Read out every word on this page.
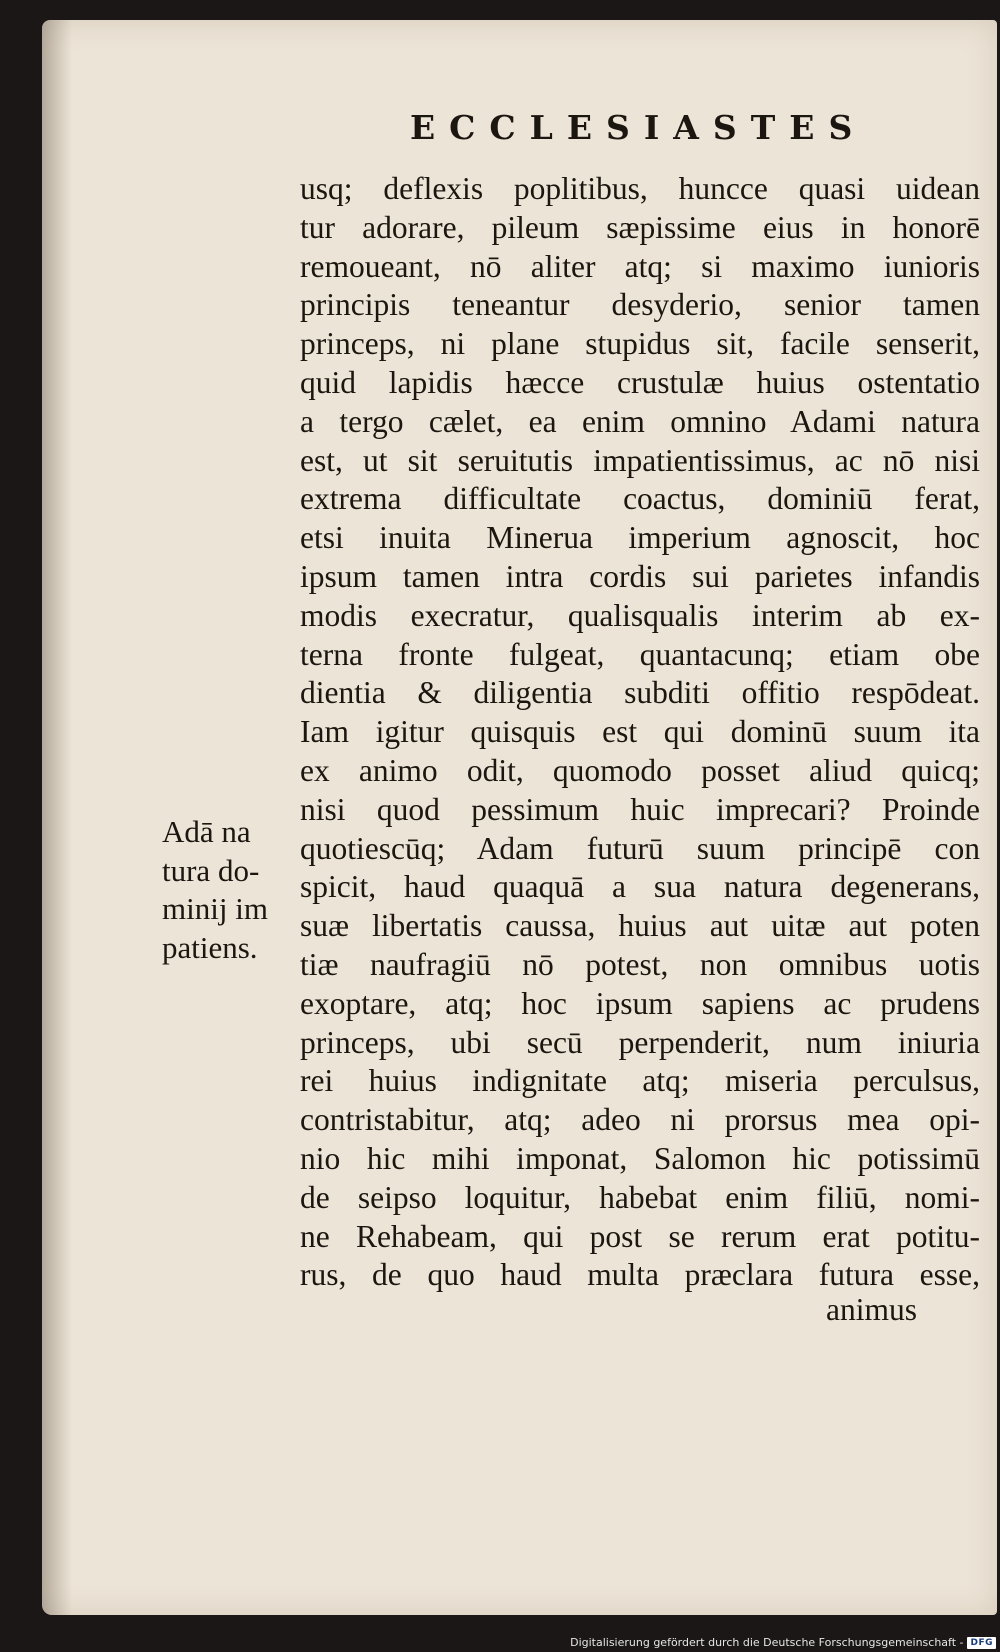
ECCLESIASTES
usq; deflexis poplitibus, huncce quasi uidean
tur adorare, pileum sæpissime eius in honorē
remoueant, nō aliter atq; si maximo iunioris
principis teneantur desyderio, senior tamen
princeps, ni plane stupidus sit, facile senserit,
quid lapidis hæcce crustulæ huius ostentatio
a tergo cælet, ea enim omnino Adami natura
est, ut sit seruitutis impatientissimus, ac nō nisi
extrema difficultate coactus, dominiū ferat,
etsi inuita Minerua imperium agnoscit, hoc
ipsum tamen intra cordis sui parietes infandis
modis execratur, qualisqualis interim ab ex-
terna fronte fulgeat, quantacunq; etiam obe
dientia & diligentia subditi offitio respōdeat.
Iam igitur quisquis est qui dominū suum ita
ex animo odit, quomodo posset aliud quicq;
nisi quod pessimum huic imprecari? Proinde
quotiescūq; Adam futurū suum principē con
spicit, haud quaquā a sua natura degenerans,
suæ libertatis caussa, huius aut uitæ aut poten
tiæ naufragiū nō potest, non omnibus uotis
exoptare, atq; hoc ipsum sapiens ac prudens
princeps, ubi secū perpenderit, num iniuria
rei huius indignitate atq; miseria perculsus,
contristabitur, atq; adeo ni prorsus mea opi-
nio hic mihi imponat, Salomon hic potissimū
de seipso loquitur, habebat enim filiū, nomi-
ne Rehabeam, qui post se rerum erat potitu-
rus, de quo haud multa præclara futura esse,

animus

Adā na
tura do-
minij im
patiens.
Digitalisierung gefördert durch die Deutsche Forschungsgemeinschaft - DFG
